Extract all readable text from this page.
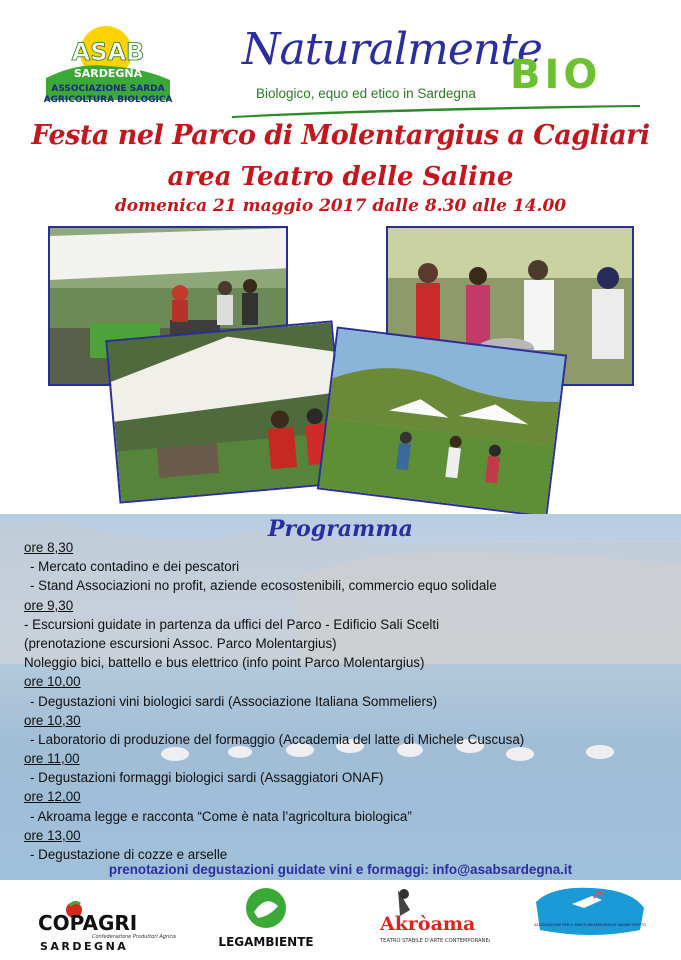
ASAB
SARDEGNA
ASSOCIAZIONE SARDA
AGRICOLTURA BIOLOGICA
Naturalmente
BIO
Biologico, equo ed etico in Sardegna
Festa nel Parco di Molentargius a Cagliari
area Teatro delle Saline
domenica 21 maggio 2017 dalle 8.30 alle 14.00
Programma
ore 8,30
- Mercato contadino e dei pescatori
- Stand Associazioni no profit, aziende ecosostenibili, commercio equo solidale
ore 9,30
- Escursioni guidate in partenza da uffici del Parco - Edificio Sali Scelti
(prenotazione escursioni Assoc. Parco Molentargius)
Noleggio bici, battello e bus elettrico (info point Parco Molentargius)
ore 10,00
- Degustazioni vini biologici sardi (Associazione Italiana Sommeliers)
ore 10,30
- Laboratorio di produzione del formaggio (Accademia del latte di Michele Cuscusa)
ore 11,00
- Degustazioni formaggi biologici sardi (Assaggiatori ONAF)
ore 12,00
- Akroama legge e racconta “Come è nata l’agricoltura biologica”
ore 13,00
- Degustazione di cozze e arselle
prenotazioni degustazioni guidate vini e formaggi: info@asabsardegna.it
COPAGRI
Confederazione Produttori Agricoli
SARDEGNA	LEGAMBIENTE
Akròama
TEATRO STABILE D'ARTE CONTEMPORANEA
ASSOCIAZIONE PER IL PARCO MOLENTARGIUS SALINE POETTO
